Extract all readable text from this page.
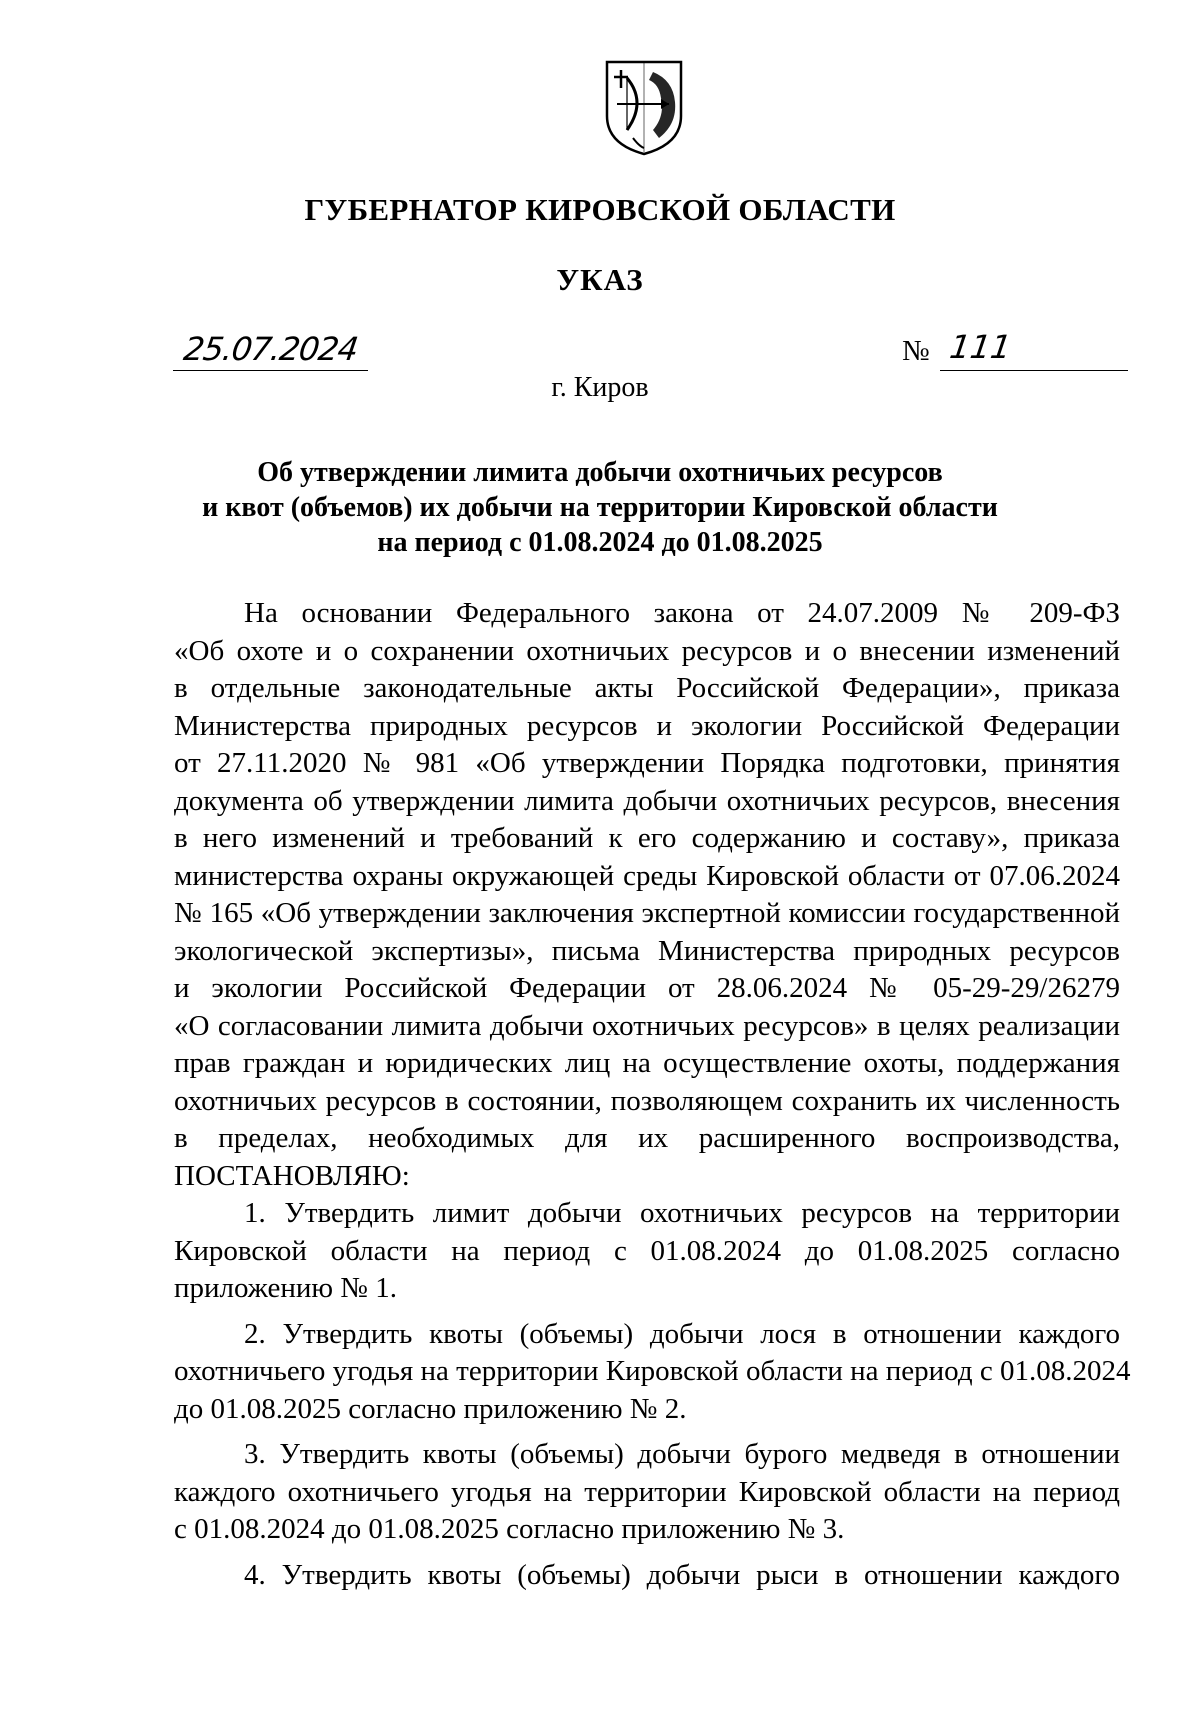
ГУБЕРНАТОР КИРОВСКОЙ ОБЛАСТИ
УКАЗ
25.07.2024	№ 111
г. Киров
Об утверждении лимита добычи охотничьих ресурсов
и квот (объемов) их добычи на территории Кировской области
на период с 01.08.2024 до 01.08.2025
На основании Федерального закона от 24.07.2009 № 209-ФЗ
«Об охоте и о сохранении охотничьих ресурсов и о внесении изменений
в отдельные законодательные акты Российской Федерации», приказа
Министерства природных ресурсов и экологии Российской Федерации
от 27.11.2020 № 981 «Об утверждении Порядка подготовки, принятия
документа об утверждении лимита добычи охотничьих ресурсов, внесения
в него изменений и требований к его содержанию и составу», приказа
министерства охраны окружающей среды Кировской области от 07.06.2024
№ 165 «Об утверждении заключения экспертной комиссии государственной
экологической экспертизы», письма Министерства природных ресурсов
и экологии Российской Федерации от 28.06.2024 № 05-29-29/26279
«О согласовании лимита добычи охотничьих ресурсов» в целях реализации
прав граждан и юридических лиц на осуществление охоты, поддержания
охотничьих ресурсов в состоянии, позволяющем сохранить их численность
в пределах, необходимых для их расширенного воспроизводства,
ПОСТАНОВЛЯЮ:
1. Утвердить лимит добычи охотничьих ресурсов на территории
Кировской области на период с 01.08.2024 до 01.08.2025 согласно
приложению № 1.
2. Утвердить квоты (объемы) добычи лося в отношении каждого
охотничьего угодья на территории Кировской области на период с 01.08.2024
до 01.08.2025 согласно приложению № 2.
3. Утвердить квоты (объемы) добычи бурого медведя в отношении
каждого охотничьего угодья на территории Кировской области на период
с 01.08.2024 до 01.08.2025 согласно приложению № 3.
4. Утвердить квоты (объемы) добычи рыси в отношении каждого
